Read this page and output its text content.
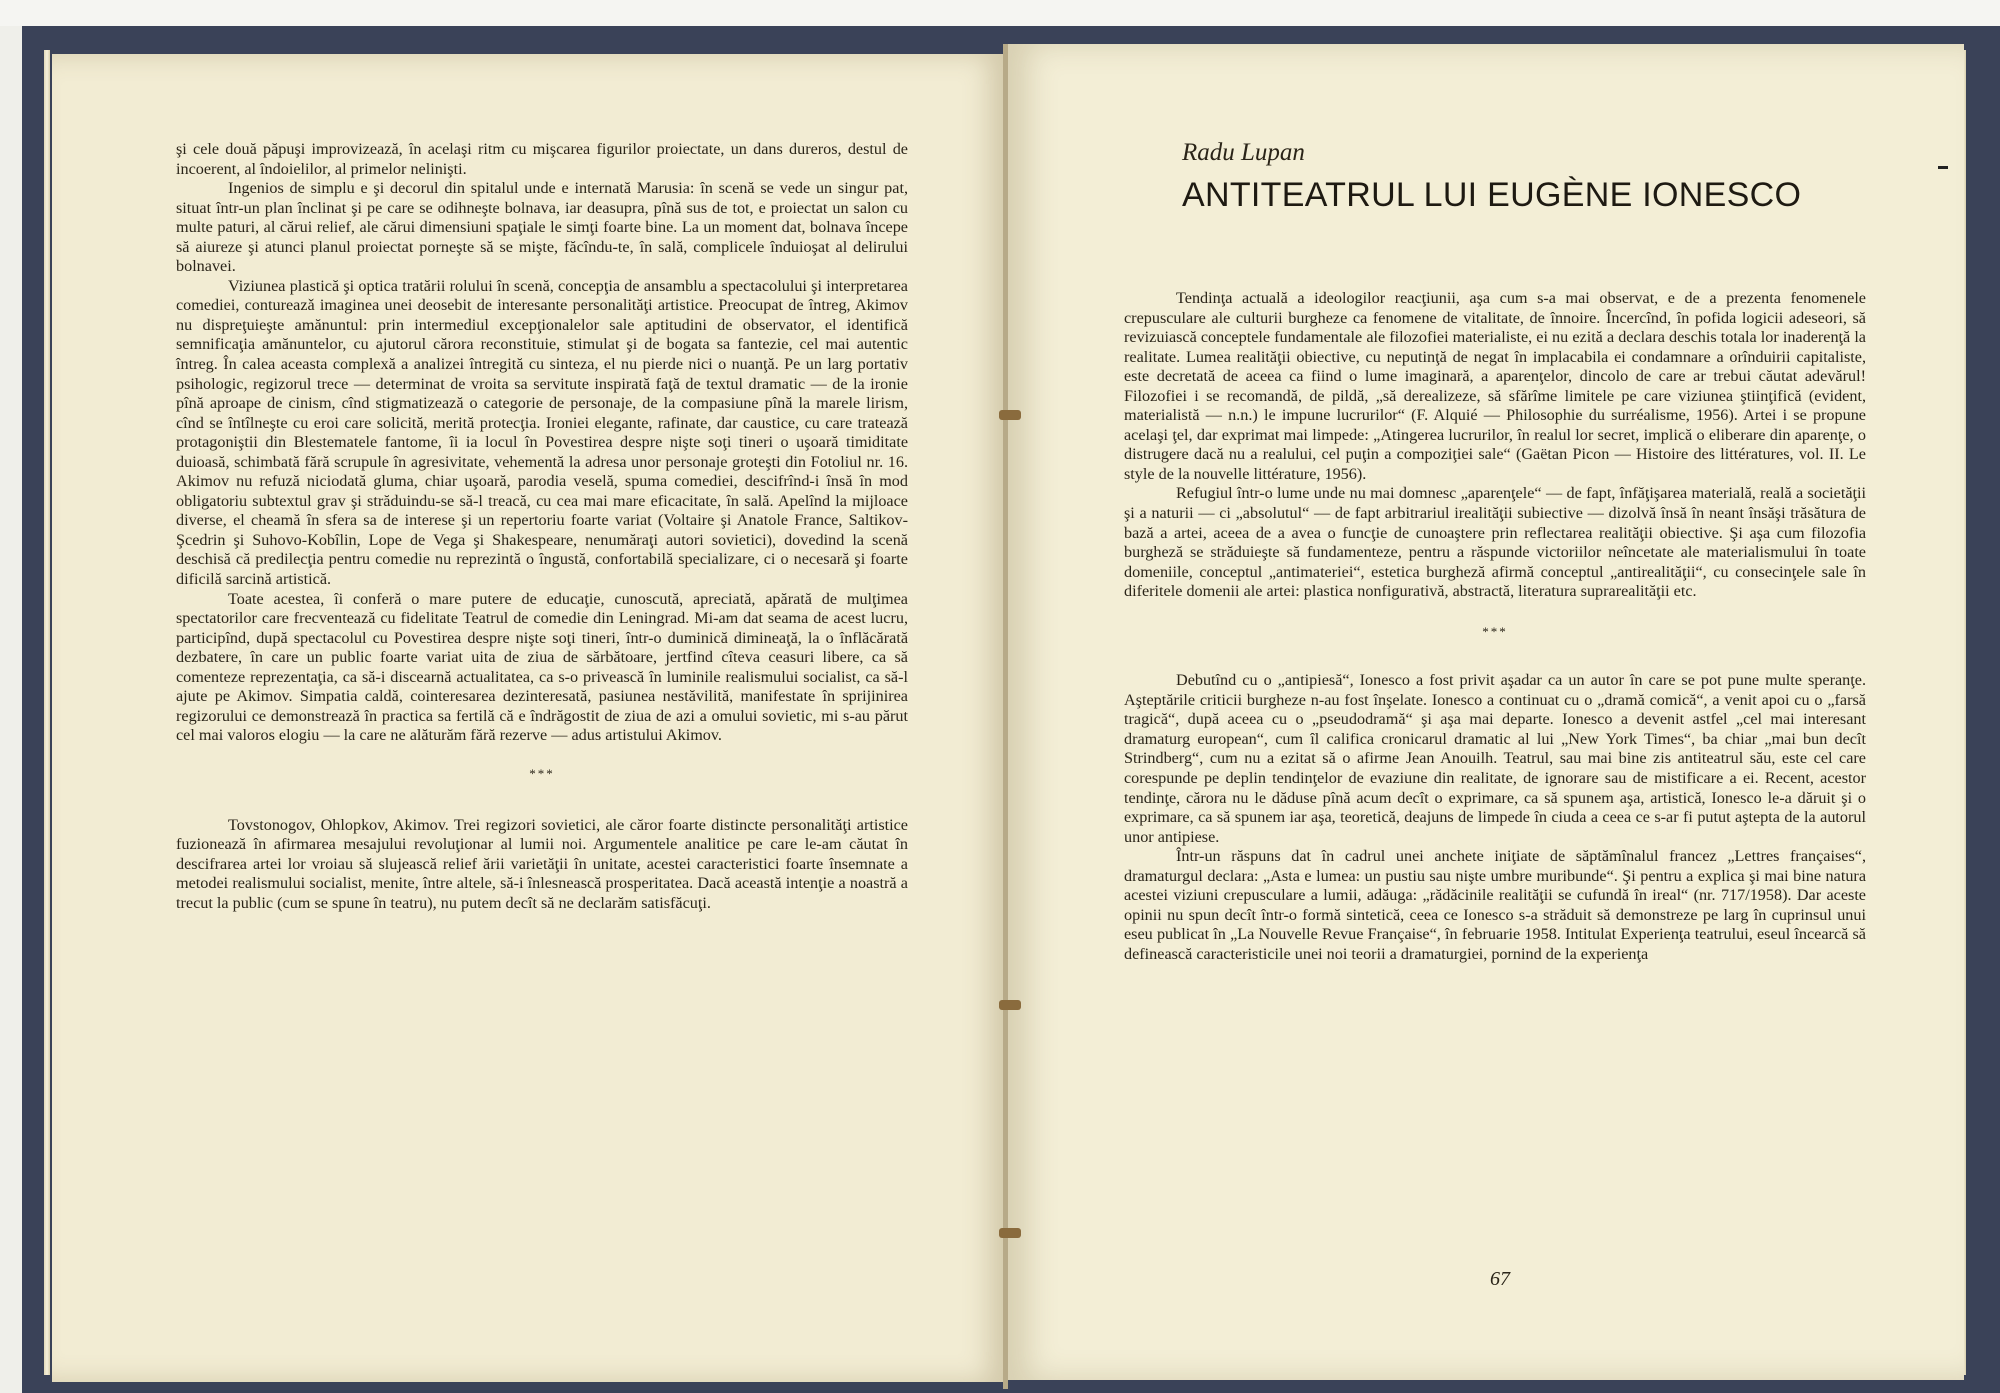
şi cele două păpuşi improvizează, în acelaşi ritm cu mişcarea figurilor proiectate, un dans dureros, destul de incoerent, al îndoielilor, al primelor nelinişti.

Ingenios de simplu e şi decorul din spitalul unde e internată Marusia: în scenă se vede un singur pat, situat într-un plan înclinat şi pe care se odihneşte bolnava, iar deasupra, pînă sus de tot, e proiectat un salon cu multe paturi, al cărui relief, ale cărui dimensiuni spaţiale le simţi foarte bine. La un moment dat, bolnava începe să aiureze şi atunci planul proiectat porneşte să se mişte, făcîndu-te, în sală, complicele înduioşat al delirului bolnavei.

Viziunea plastică şi optica tratării rolului în scenă, concepţia de ansamblu a spectacolului şi interpretarea comediei, contureazǎ imaginea unei deosebit de interesante personalităţi artistice. Preocupat de întreg, Akimov nu dispreţuieşte amănuntul: prin intermediul excepţionalelor sale aptitudini de observator, el identifică semnificaţia amănuntelor, cu ajutorul cărora reconstituie, stimulat şi de bogata sa fantezie, cel mai autentic întreg. În calea aceasta complexă a analizei întregită cu sinteza, el nu pierde nici o nuanţă. Pe un larg portativ psihologic, regizorul trece — determinat de vroita sa servitute inspirată faţă de textul dramatic — de la ironie pînă aproape de cinism, cînd stigmatizează o categorie de personaje, de la compasiune pînă la marele lirism, cînd se întîlneşte cu eroi care solicită, merită protecţia. Ironiei elegante, rafinate, dar caustice, cu care tratează protagoniştii din Blestematele fantome, îi ia locul în Povestirea despre nişte soţi tineri o uşoară timiditate duioasă, schimbată fără scrupule în agresivitate, vehementă la adresa unor personaje groteşti din Fotoliul nr. 16. Akimov nu refuză niciodată gluma, chiar uşoară, parodia veselă, spuma comediei, descifrînd-i însă în mod obligatoriu subtextul grav şi străduindu-se să-l treacă, cu cea mai mare eficacitate, în sală. Apelînd la mijloace diverse, el cheamă în sfera sa de interese şi un repertoriu foarte variat (Voltaire şi Anatole France, Saltikov-Şcedrin şi Suhovo-Kobîlin, Lope de Vega şi Shakespeare, nenumăraţi autori sovietici), dovedind la scenă deschisă că predilecţia pentru comedie nu reprezintă o îngustă, confortabilă specializare, ci o necesară şi foarte dificilă sarcină artistică.

Toate acestea, îi conferă o mare putere de educaţie, cunoscută, apreciată, apărată de mulţimea spectatorilor care frecventează cu fidelitate Teatrul de comedie din Leningrad. Mi-am dat seama de acest lucru, participînd, după spectacolul cu Povestirea despre nişte soţi tineri, într-o duminică dimineaţă, la o înflăcărată dezbatere, în care un public foarte variat uita de ziua de sărbătoare, jertfind cîteva ceasuri libere, ca să comenteze reprezentaţia, ca să-i discearnă actualitatea, ca s-o privească în luminile realismului socialist, ca să-l ajute pe Akimov. Simpatia caldă, cointeresarea dezinteresată, pasiunea nestăvilită, manifestate în sprijinirea regizorului ce demonstrează în practica sa fertilă că e îndrăgostit de ziua de azi a omului sovietic, mi s-au părut cel mai valoros elogiu — la care ne alăturăm fără rezerve — adus artistului Akimov.

***

Tovstonogov, Ohlopkov, Akimov. Trei regizori sovietici, ale căror foarte distincte personalităţi artistice fuzionează în afirmarea mesajului revoluţionar al lumii noi. Argumentele analitice pe care le-am căutat în descifrarea artei lor vroiau să slujească relief ării varietăţii în unitate, acestei caracteristici foarte însemnate a metodei realismului socialist, menite, între altele, să-i înlesnească prosperitatea. Dacă această intenţie a noastră a trecut la public (cum se spune în teatru), nu putem decît să ne declarăm satisfăcuţi.

Radu Lupan
ANTITEATRUL LUI EUGÈNE IONESCO

Tendinţa actuală a ideologilor reacţiunii, aşa cum s-a mai observat, e de a prezenta fenomenele crepusculare ale culturii burgheze ca fenomene de vitalitate, de înnoire. Încercînd, în pofida logicii adeseori, să revizuiască conceptele fundamentale ale filozofiei materialiste, ei nu ezită a declara deschis totala lor inaderenţă la realitate. Lumea realităţii obiective, cu neputinţă de negat în implacabila ei condamnare a orînduirii capitaliste, este decretată de aceea ca fiind o lume imaginară, a aparenţelor, dincolo de care ar trebui căutat adevărul! Filozofiei i se recomandă, de pildă, „să derealizeze, să sfărîme limitele pe care viziunea ştiinţifică (evident, materialistă — n.n.) le impune lucrurilor“ (F. Alquié — Philosophie du surréalisme, 1956). Artei i se propune acelaşi ţel, dar exprimat mai limpede: „Atingerea lucrurilor, în realul lor secret, implică o eliberare din aparenţe, o distrugere dacă nu a realului, cel puţin a compoziţiei sale“ (Gaëtan Picon — Histoire des littératures, vol. II. Le style de la nouvelle littérature, 1956).

Refugiul într-o lume unde nu mai domnesc „aparenţele“ — de fapt, înfăţişarea materială, reală a societăţii şi a naturii — ci „absolutul“ — de fapt arbitrariul irealităţii subiective — dizolvă însă în neant însăşi trăsătura de bază a artei, aceea de a avea o funcţie de cunoaştere prin reflectarea realităţii obiective. Şi aşa cum filozofia burgheză se străduieşte să fundamenteze, pentru a răspunde victoriilor neîncetate ale materialismului în toate domeniile, conceptul „antimateriei“, estetica burgheză afirmă conceptul „antirealităţii“, cu consecinţele sale în diferitele domenii ale artei: plastica nonfigurativă, abstractă, literatura suprarealităţii etc.

***

Debutînd cu o „antipiesă“, Ionesco a fost privit aşadar ca un autor în care se pot pune multe speranţe. Aşteptările criticii burgheze n-au fost înşelate. Ionesco a continuat cu o „dramă comică“, a venit apoi cu o „farsă tragică“, după aceea cu o „pseudodramă“ şi aşa mai departe. Ionesco a devenit astfel „cel mai interesant dramaturg european“, cum îl califica cronicarul dramatic al lui „New York Times“, ba chiar „mai bun decît Strindberg“, cum nu a ezitat să o afirme Jean Anouilh. Teatrul, sau mai bine zis antiteatrul său, este cel care corespunde pe deplin tendinţelor de evaziune din realitate, de ignorare sau de mistificare a ei. Recent, acestor tendinţe, cărora nu le dăduse pînă acum decît o exprimare, ca să spunem aşa, artistică, Ionesco le-a dăruit şi o exprimare, ca să spunem iar aşa, teoretică, deajuns de limpede în ciuda a ceea ce s-ar fi putut aştepta de la autorul unor antipiese.

Într-un răspuns dat în cadrul unei anchete iniţiate de săptămînalul francez „Lettres françaises“, dramaturgul declara: „Asta e lumea: un pustiu sau nişte umbre muribunde“. Şi pentru a explica şi mai bine natura acestei viziuni crepusculare a lumii, adăuga: „rădăcinile realităţii se cufundă în ireal“ (nr. 717/1958). Dar aceste opinii nu spun decît într-o formă sintetică, ceea ce Ionesco s-a străduit să demonstreze pe larg în cuprinsul unui eseu publicat în „La Nouvelle Revue Française“, în februarie 1958. Intitulat Experienţa teatrului, eseul încearcă să definească caracteristicile unei noi teorii a dramaturgiei, pornind de la experienţa

67
